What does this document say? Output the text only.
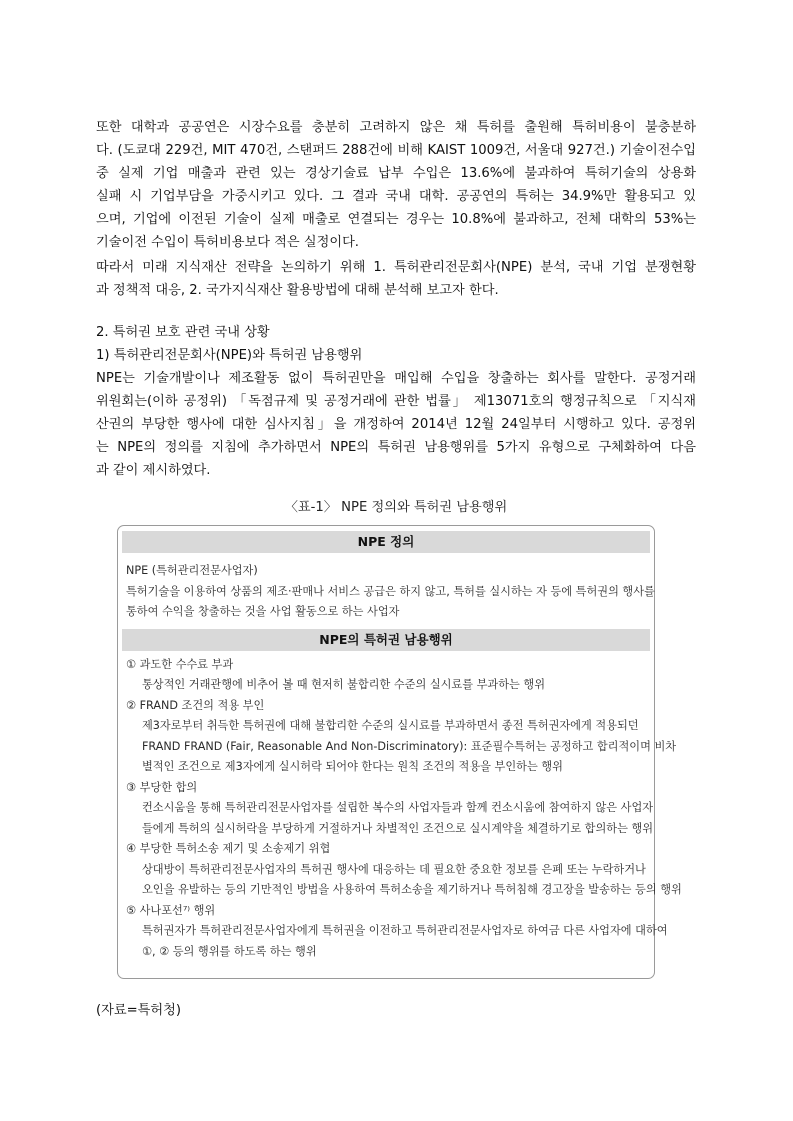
또한 대학과 공공연은 시장수요를 충분히 고려하지 않은 채 특허를 출원해 특허비용이 불충분하
다. (도쿄대 229건, MIT 470건, 스탠퍼드 288건에 비해 KAIST 1009건, 서울대 927건.) 기술이전수입
중 실제 기업 매출과 관련 있는 경상기술료 납부 수입은 13.6%에 불과하여 특허기술의 상용화
실패 시 기업부담을 가중시키고 있다. 그 결과 국내 대학. 공공연의 특허는 34.9%만 활용되고 있
으며, 기업에 이전된 기술이 실제 매출로 연결되는 경우는 10.8%에 불과하고, 전체 대학의 53%는
기술이전 수입이 특허비용보다 적은 실정이다.
따라서 미래 지식재산 전략을 논의하기 위해 1. 특허관리전문회사(NPE) 분석, 국내 기업 분쟁현황
과 정책적 대응, 2. 국가지식재산 활용방법에 대해 분석해 보고자 한다.
2. 특허권 보호 관련 국내 상황
1) 특허관리전문회사(NPE)와 특허권 남용행위
NPE는 기술개발이나 제조활동 없이 특허권만을 매입해 수입을 창출하는 회사를 말한다. 공정거래
위원회는(이하 공정위) 「독점규제 및 공정거래에 관한 법률」 제13071호의 행정규칙으로 「지식재
산권의 부당한 행사에 대한 심사지침」을 개정하여 2014년 12월 24일부터 시행하고 있다. 공정위
는 NPE의 정의를 지침에 추가하면서 NPE의 특허권 남용행위를 5가지 유형으로 구체화하여 다음
과 같이 제시하였다.
〈표-1〉 NPE 정의와 특허권 남용행위
NPE 정의
NPE (특허관리전문사업자)
특허기술을 이용하여 상품의 제조·판매나 서비스 공급은 하지 않고, 특허를 실시하는 자 등에 특허권의 행사를
통하여 수익을 창출하는 것을 사업 활동으로 하는 사업자
NPE의 특허권 남용행위
① 과도한 수수료 부과
통상적인 거래관행에 비추어 볼 때 현저히 불합리한 수준의 실시료를 부과하는 행위
② FRAND 조건의 적용 부인
제3자로부터 취득한 특허권에 대해 불합리한 수준의 실시료를 부과하면서 종전 특허권자에게 적용되던
FRAND FRAND (Fair, Reasonable And Non-Discriminatory): 표준필수특허는 공정하고 합리적이며 비차
별적인 조건으로 제3자에게 실시허락 되어야 한다는 원칙 조건의 적용을 부인하는 행위
③ 부당한 합의
컨소시움을 통해 특허관리전문사업자를 설립한 복수의 사업자들과 함께 컨소시움에 참여하지 않은 사업자
들에게 특허의 실시허락을 부당하게 거절하거나 차별적인 조건으로 실시계약을 체결하기로 합의하는 행위
④ 부당한 특허소송 제기 및 소송제기 위협
상대방이 특허관리전문사업자의 특허권 행사에 대응하는 데 필요한 중요한 정보를 은폐 또는 누락하거나
오인을 유발하는 등의 기만적인 방법을 사용하여 특허소송을 제기하거나 특허침해 경고장을 발송하는 등의 행위
⑤ 사나포선⁷⁾ 행위
특허권자가 특허관리전문사업자에게 특허권을 이전하고 특허관리전문사업자로 하여금 다른 사업자에 대하여
①, ② 등의 행위를 하도록 하는 행위
(자료=특허청)
